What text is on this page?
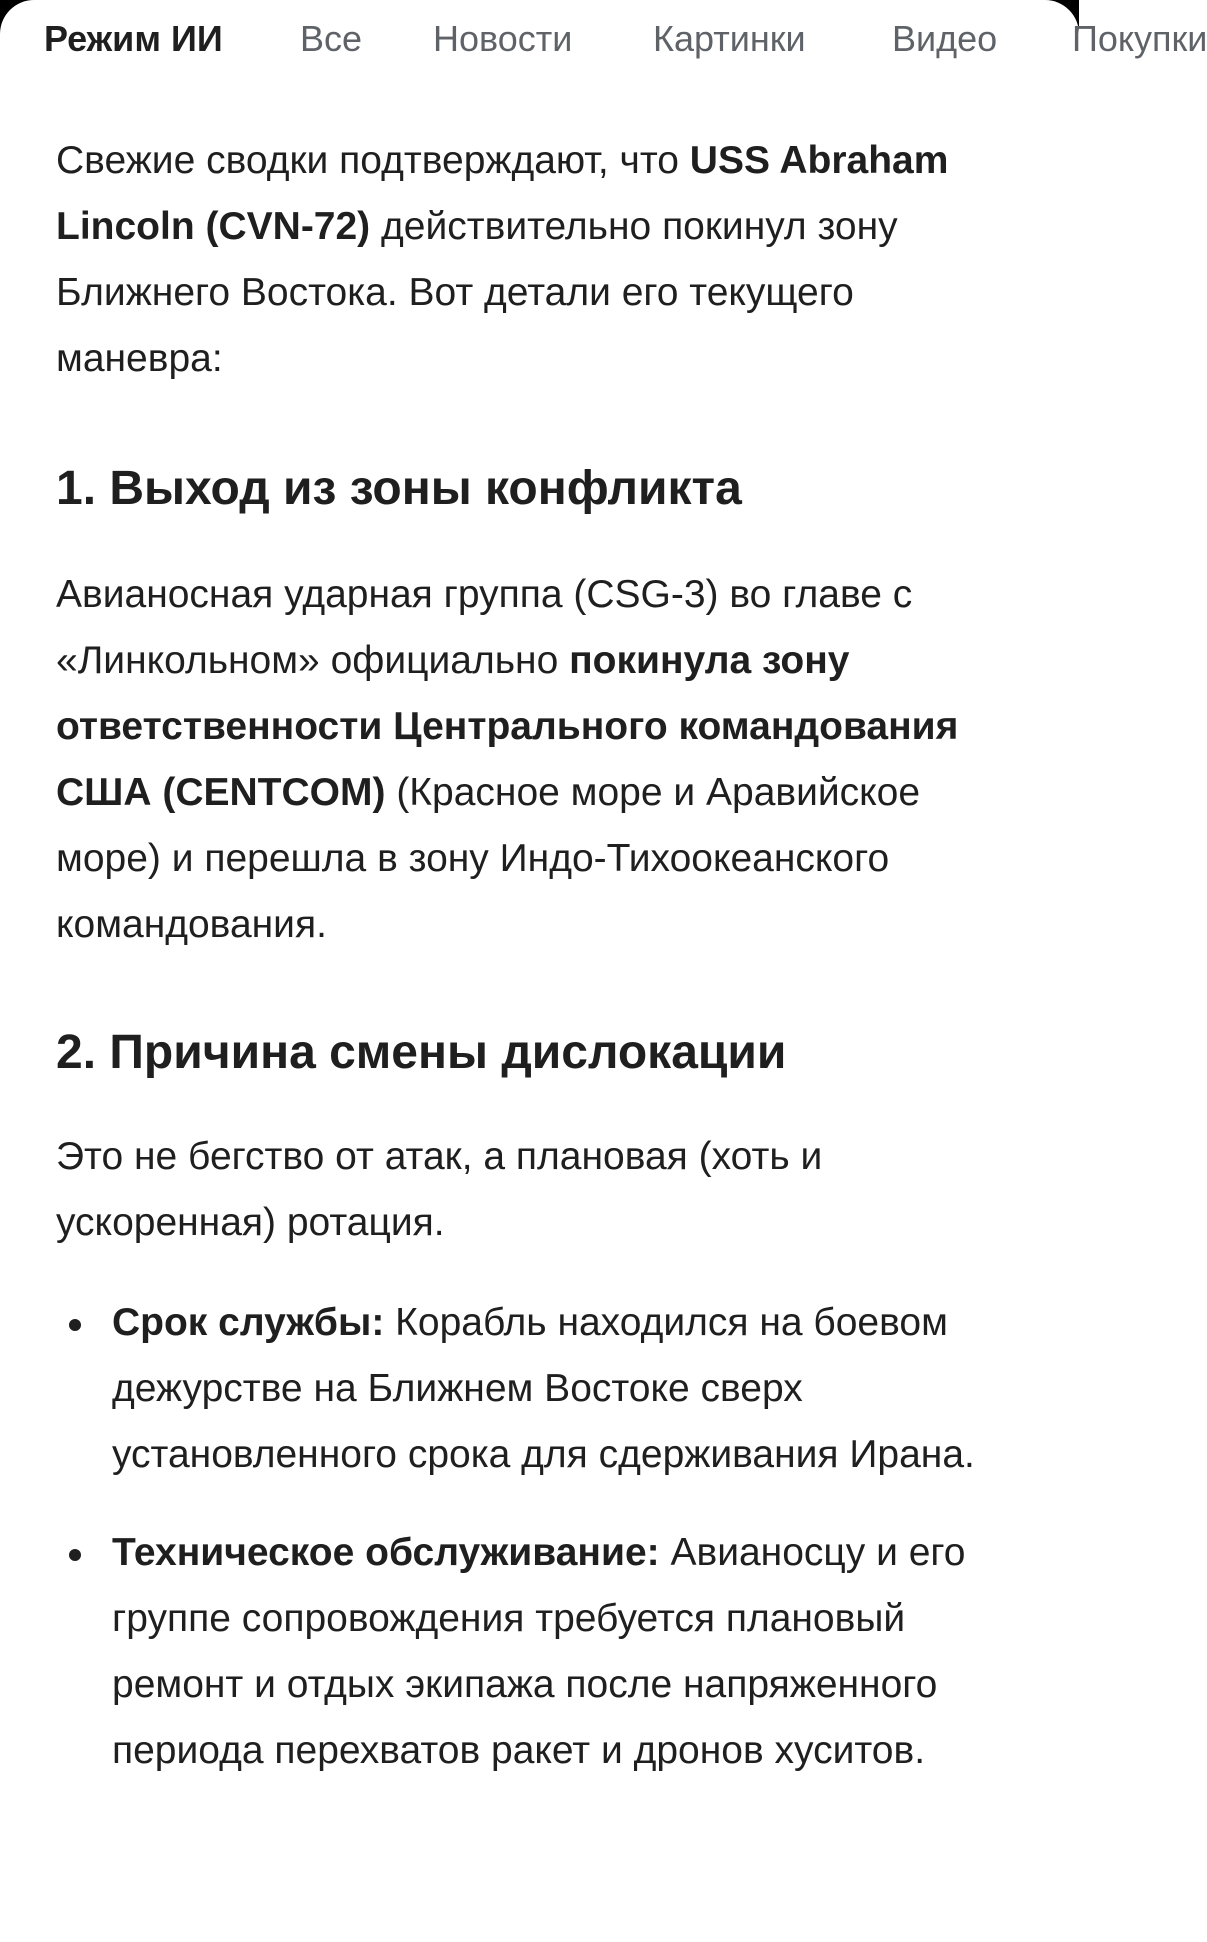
Режим ИИ Все Новости Картинки Видео Покупки

Свежие сводки подтверждают, что USS Abraham Lincoln (CVN-72) действительно покинул зону Ближнего Востока. Вот детали его текущего маневра:

1. Выход из зоны конфликта

Авианосная ударная группа (CSG-3) во главе с «Линкольном» официально покинула зону ответственности Центрального командования США (CENTCOM) (Красное море и Аравийское море) и перешла в зону Индо-Тихоокеанского командования.

2. Причина смены дислокации

Это не бегство от атак, а плановая (хоть и ускоренная) ротация.

Срок службы: Корабль находился на боевом дежурстве на Ближнем Востоке сверх установленного срока для сдерживания Ирана.
Техническое обслуживание: Авианосцу и его группе сопровождения требуется плановый ремонт и отдых экипажа после напряженного периода перехватов ракет и дронов хуситов.
